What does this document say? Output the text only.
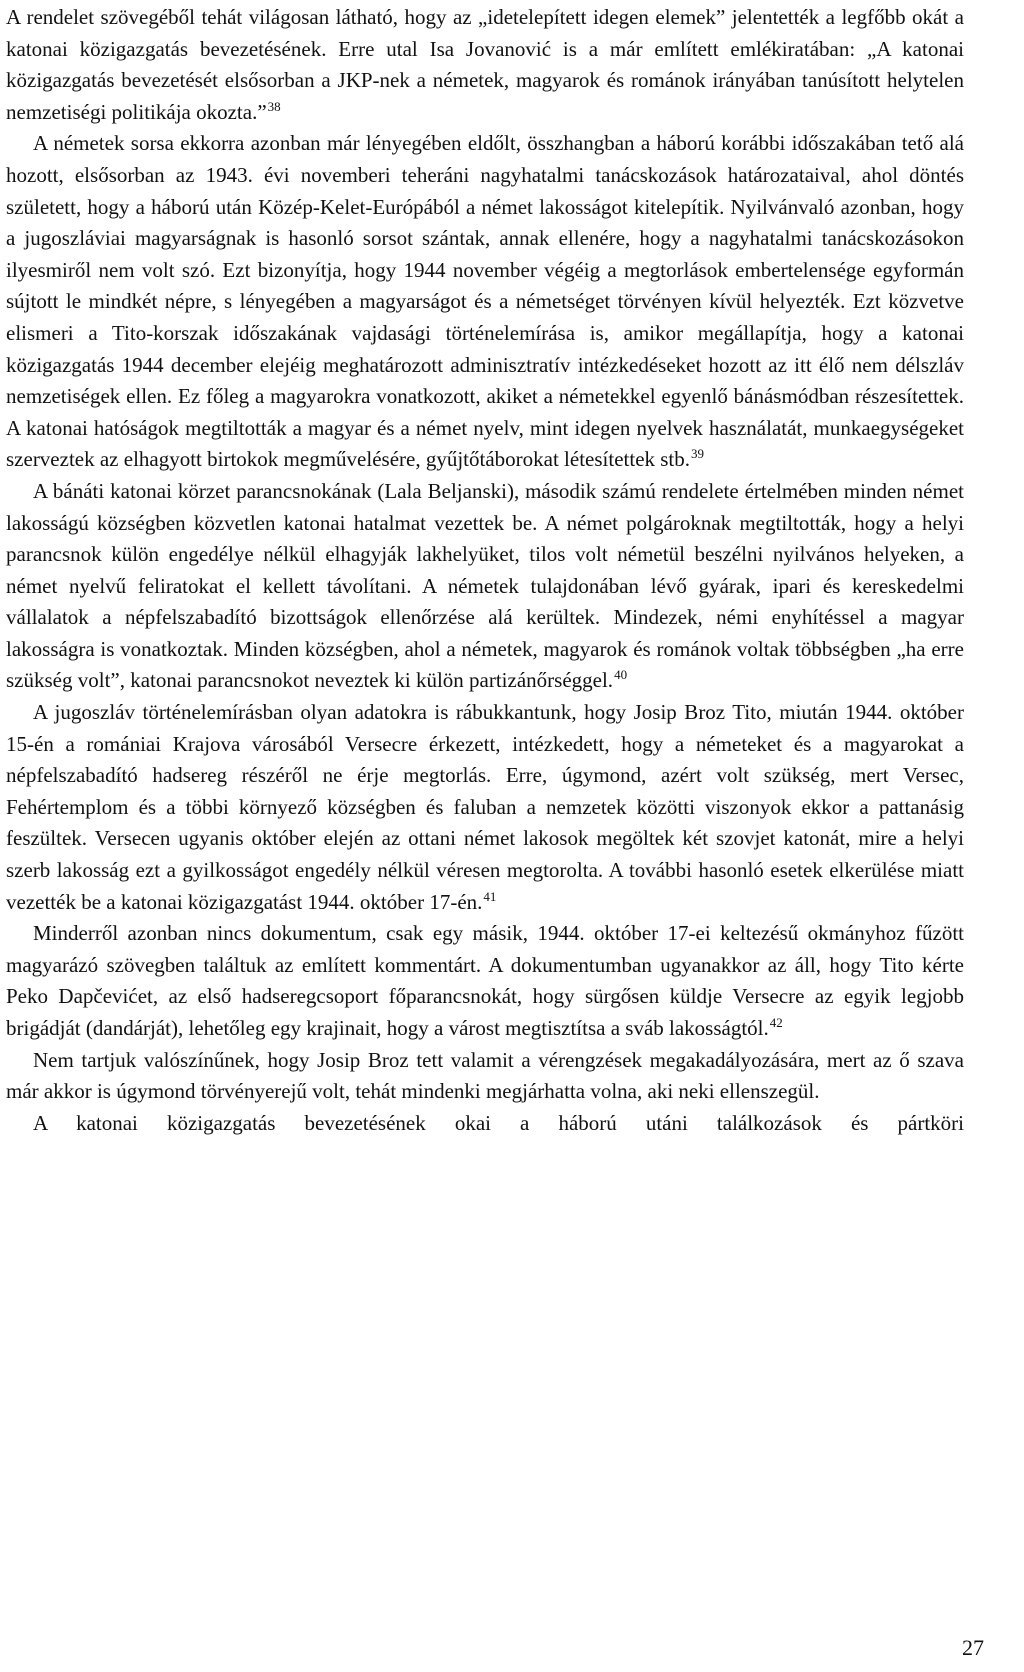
A rendelet szövegéből tehát világosan látható, hogy az „idetelepített idegen elemek” jelentették a legfőbb okát a katonai közigazgatás bevezetésének. Erre utal Isa Jovanović is a már említett emlékiratában: „A katonai közigazgatás bevezetését elsősorban a JKP-nek a németek, magyarok és románok irányában tanúsított helytelen nemzetiségi politikája okozta.”$^{38}$

A németek sorsa ekkorra azonban már lényegében eldőlt, összhangban a háború korábbi időszakában tető alá hozott, elsősorban az 1943. évi novemberi teheráni nagyhatalmi tanácskozások határozataival, ahol döntés született, hogy a háború után Közép-Kelet-Európából a német lakosságot kitelepítik. Nyilvánvaló azonban, hogy a jugoszláviai magyarságnak is hasonló sorsot szántak, annak ellenére, hogy a nagyhatalmi tanácskozásokon ilyesmiről nem volt szó. Ezt bizonyítja, hogy 1944 november végéig a megtorlások embertelensége egyformán sújtott le mindkét népre, s lényegében a magyarságot és a németséget törvényen kívül helyezték. Ezt közvetve elismeri a Tito-korszak időszakának vajdasági történelemírása is, amikor megállapítja, hogy a katonai közigazgatás 1944 december elejéig meghatározott adminisztratív intézkedéseket hozott az itt élő nem délszláv nemzetiségek ellen. Ez főleg a magyarokra vonatkozott, akiket a németekkel egyenlő bánásmódban részesítettek. A katonai hatóságok megtiltották a magyar és a német nyelv, mint idegen nyelvek használatát, munkaegységeket szerveztek az elhagyott birtokok megművelésére, gyűjtőtáborokat létesítettek stb.$^{39}$

A bánáti katonai körzet parancsnokának (Lala Beljanski), második számú rendelete értelmében minden német lakosságú községben közvetlen katonai hatalmat vezettek be. A német polgároknak megtiltották, hogy a helyi parancsnok külön engedélye nélkül elhagyják lakhelyüket, tilos volt németül beszélni nyilvános helyeken, a német nyelvű feliratokat el kellett távolítani. A németek tulajdonában lévő gyárak, ipari és kereskedelmi vállalatok a népfelszabadító bizottságok ellenőrzése alá kerültek. Mindezek, némi enyhítéssel a magyar lakosságra is vonatkoztak. Minden községben, ahol a németek, magyarok és románok voltak többségben „ha erre szükség volt”, katonai parancsnokot neveztek ki külön partizánőrséggel.$^{40}$

A jugoszláv történelemírásban olyan adatokra is rábukkantunk, hogy Josip Broz Tito, miután 1944. október 15-én a romániai Krajova városából Versecre érkezett, intézkedett, hogy a németeket és a magyarokat a népfelszabadító hadsereg részéről ne érje megtorlás. Erre, úgymond, azért volt szükség, mert Versec, Fehértemplom és a többi környező községben és faluban a nemzetek közötti viszonyok ekkor a pattanásig feszültek. Versecen ugyanis október elején az ottani német lakosok megöltek két szovjet katonát, mire a helyi szerb lakosság ezt a gyilkosságot engedély nélkül véresen megtorolta. A további hasonló esetek elkerülése miatt vezették be a katonai közigazgatást 1944. október 17-én.$^{41}$

Minderről azonban nincs dokumentum, csak egy másik, 1944. október 17-ei keltezésű okmányhoz fűzött magyarázó szövegben találtuk az említett kommentárt. A dokumentumban ugyanakkor az áll, hogy Tito kérte Peko Dapčevićet, az első hadseregcsoport főparancsnokát, hogy sürgősen küldje Versecre az egyik legjobb brigádját (dandárját), lehetőleg egy krajinait, hogy a várost megtisztítsa a sváb lakosságtól.$^{42}$

Nem tartjuk valószínűnek, hogy Josip Broz tett valamit a vérengzések megakadályozására, mert az ő szava már akkor is úgymond törvényerejű volt, tehát mindenki megjárhatta volna, aki neki ellenszegül.

A katonai közigazgatás bevezetésének okai a háború utáni találkozások és pártköri

27
